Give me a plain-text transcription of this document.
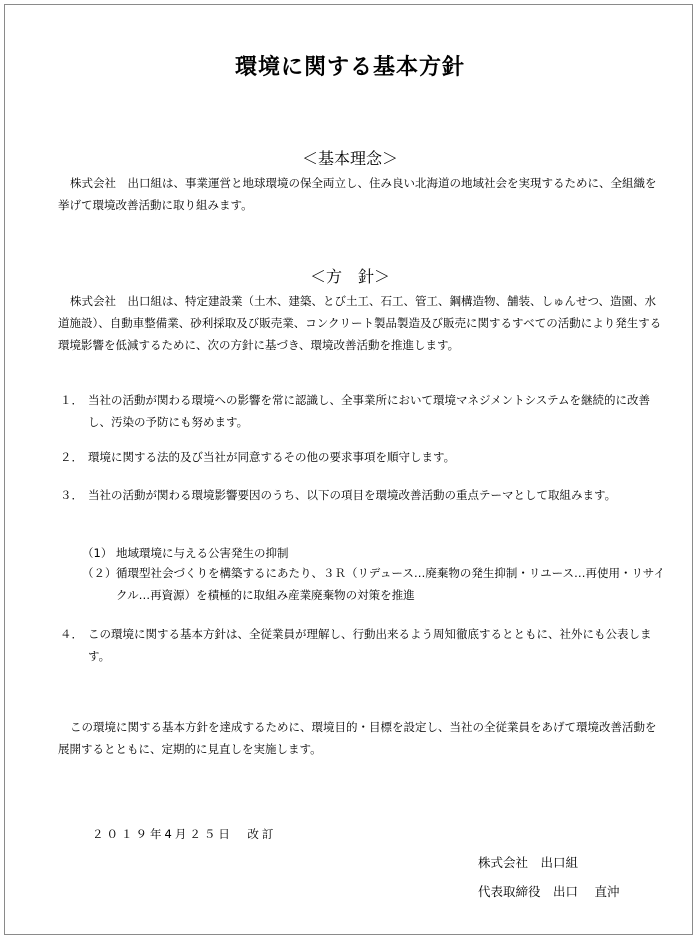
環境に関する基本方針
＜基本理念＞
株式会社　出口組は、事業運営と地球環境の保全両立し、住み良い北海道の地域社会を実現するために、全組織を挙げて環境改善活動に取り組みます。
＜方　針＞
株式会社　出口組は、特定建設業（土木、建築、とび土工、石工、管工、鋼構造物、舗装、しゅんせつ、造園、水道施設）、自動車整備業、砂利採取及び販売業、コンクリート製品製造及び販売に関するすべての活動により発生する環境影響を低減するために、次の方針に基づき、環境改善活動を推進します。
１． 当社の活動が関わる環境への影響を常に認識し、全事業所において環境マネジメントシステムを継続的に改善し、汚染の予防にも努めます。
２． 環境に関する法的及び当社が同意するその他の要求事項を順守します。
３． 当社の活動が関わる環境影響要因のうち、以下の項目を環境改善活動の重点テーマとして取組みます。
（1） 地域環境に与える公害発生の抑制
（２） 循環型社会づくりを構築するにあたり、３Ｒ（リデュース…廃棄物の発生抑制・リユース…再使用・リサイクル…再資源）を積極的に取組み産業廃棄物の対策を推進
４． この環境に関する基本方針は、全従業員が理解し、行動出来るよう周知徹底するとともに、社外にも公表します。
この環境に関する基本方針を達成するために、環境目的・目標を設定し、当社の全従業員をあげて環境改善活動を展開するとともに、定期的に見直しを実施します。
２０１９年4月２５日　改訂
株式会社　出口組
代表取締役　出口　 直沖
